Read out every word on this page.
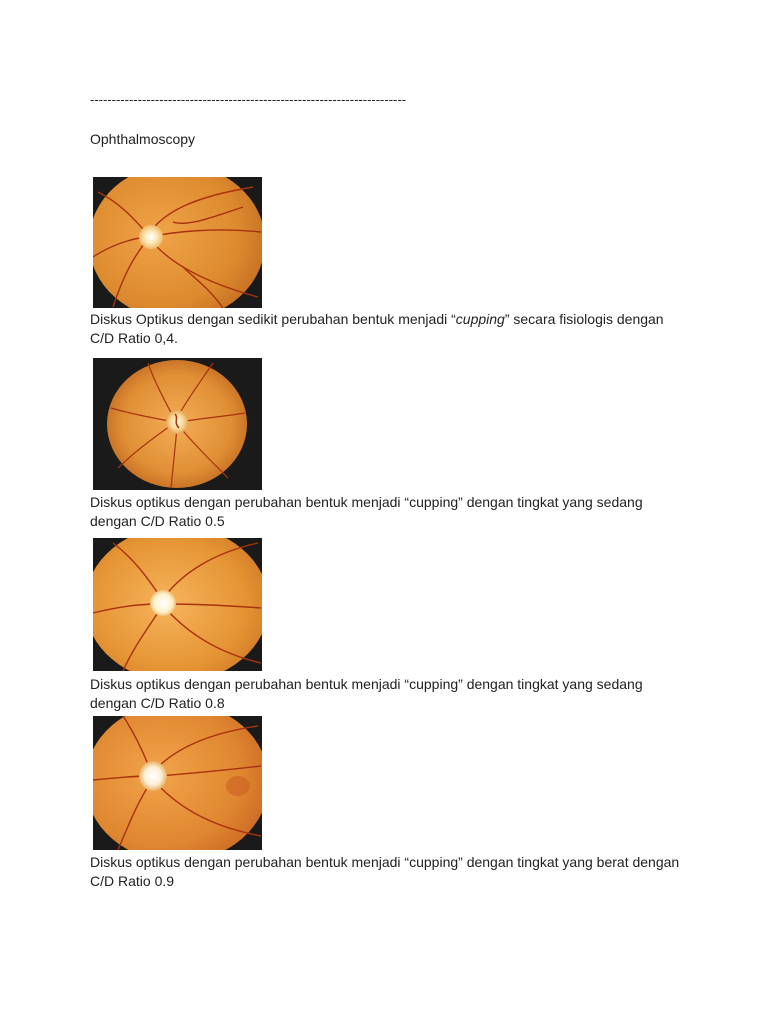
-------------------------------------------------------------------------
Ophthalmoscopy
Diskus Optikus dengan sedikit perubahan bentuk menjadi “cupping” secara fisiologis dengan C/D Ratio 0,4.
Diskus optikus dengan perubahan bentuk menjadi “cupping” dengan tingkat yang sedang dengan C/D Ratio 0.5
Diskus optikus dengan perubahan bentuk menjadi “cupping” dengan tingkat yang sedang dengan C/D Ratio 0.8
Diskus optikus dengan perubahan bentuk menjadi “cupping” dengan tingkat yang berat dengan C/D Ratio 0.9
